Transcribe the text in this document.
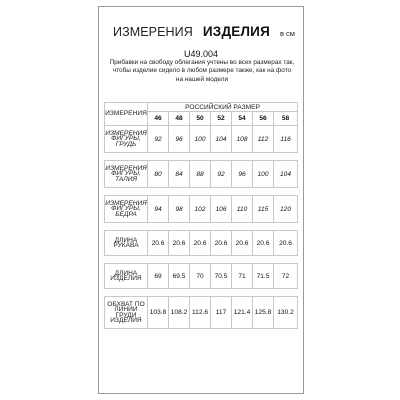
ИЗМЕРЕНИЯ ИЗДЕЛИЯ в см
U49.004
Прибавки на свободу облегания учтены во всех размерах так, чтобы изделие сидело в любом размере также, как на фото на нашей модели
ИЗМЕРЕНИЯ	РОССИЙСКИЙ РАЗМЕР						
	46	48	50	52	54	56	58
ИЗМЕРЕНИЯ ФИГУРЫ, ГРУДЬ	92	96	100	104	108	112	116

ИЗМЕРЕНИЯ ФИГУРЫ, ТАЛИЯ	80	84	88	92	96	100	104

ИЗМЕРЕНИЯ ФИГУРЫ, БЁДРА	94	98	102	106	110	115	120

ДЛИНА РУКАВА	20.6	20.6	20.6	20.6	20.6	20.6	20.6

ДЛИНА ИЗДЕЛИЯ	69	69.5	70	70.5	71	71.5	72

ОБХВАТ ПО ЛИНИИ ГРУДИ ИЗДЕЛИЯ	103.8	108.2	112.6	117	121.4	125.8	130.2
